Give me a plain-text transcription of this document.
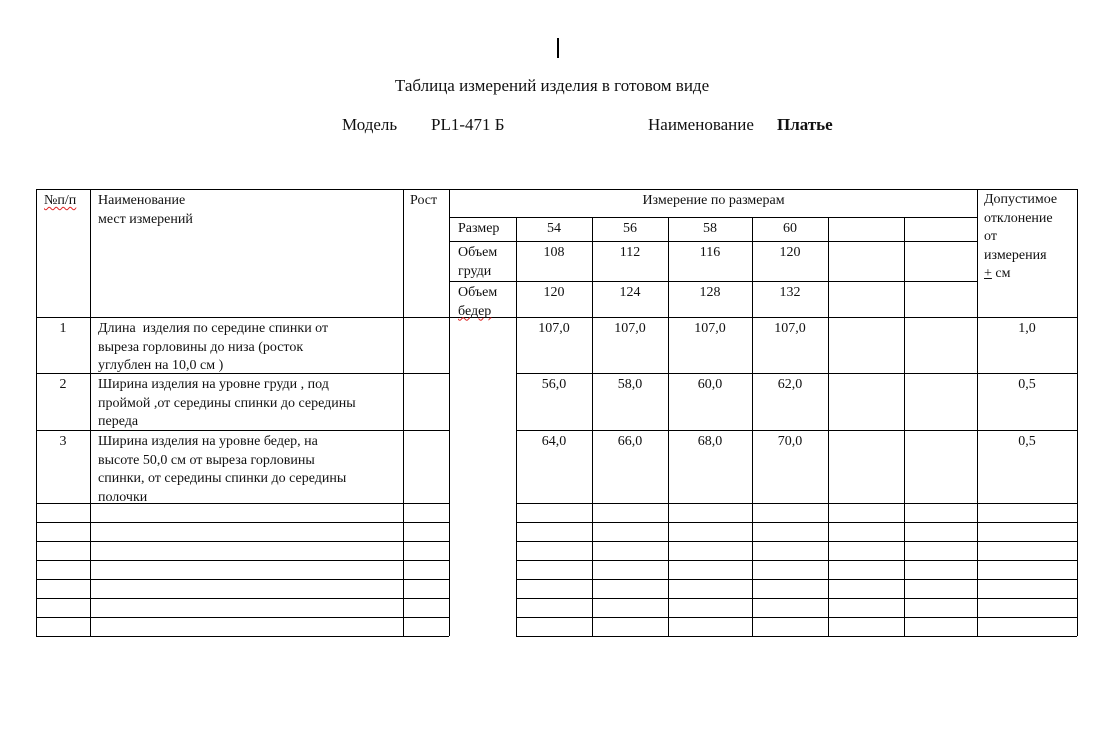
Таблица измерений изделия в готовом виде
Модель PL1-471 Б	Наименование Платье
№п/п Наименование
мест измерений
Рост	Измерение по размерам	Допустимое
отклонение
от
измерения
+ см
Размер	54	56	58	60
Объем
груди
108	112	116	120
Объем
бедер
120	124	128	132
1	Длина  изделия по середине спинки от
выреза горловины до низа (росток
углублен на 10,0 см )
107,0	107,0	107,0	107,0	1,0
2	Ширина изделия на уровне груди , под
проймой ,от середины спинки до середины
переда
56,0	58,0	60,0	62,0	0,5
3	Ширина изделия на уровне бедер, на
высоте 50,0 см от выреза горловины
спинки, от середины спинки до середины
полочки
64,0	66,0	68,0	70,0	0,5
